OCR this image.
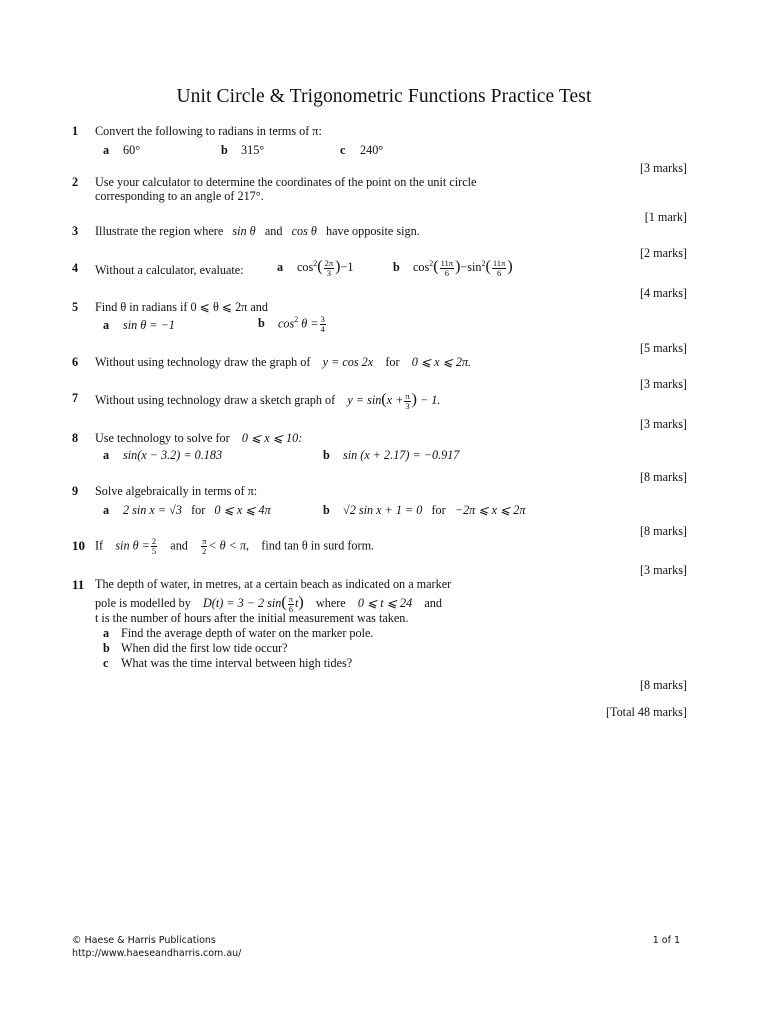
Unit Circle & Trigonometric Functions Practice Test
1 Convert the following to radians in terms of π:
a 60°	b 315°	c 240°
[3 marks]
2 Use your calculator to determine the coordinates of the point on the unit circle
corresponding to an angle of 217°.
[1 mark]
3 Illustrate the region where sin θ and cos θ have opposite sign.
[2 marks]
4 Without a calculator, evaluate:	a $\cos^2( \frac{2\pi}{3} )-1$	b $\cos^2( \frac{11\pi}{6} )-\sin^2( \frac{11\pi}{6}$ )
[4 marks]
5 Find θ in radians if 0 ⩽ θ ⩽ 2π and
a sin θ = −1	b $\cos^2 \theta = \frac{3}{4}$
[5 marks]
6 Without using technology draw the graph of y = cos 2x for 0 ⩽ x ⩽ 2π.
[3 marks]
7 Without using technology draw a sketch graph of $y = \sin(x + \frac{\pi}{3}$ ) − 1.
[3 marks]
8 Use technology to solve for 0 ⩽ x ⩽ 10:
a sin(x − 3.2) = 0.183	b sin (x + 2.17) = −0.917
[8 marks]
9 Solve algebraically in terms of π:
a 2 sin x = √3 for 0 ⩽ x ⩽ 4π	b √2 sin x + 1 = 0 for −2π ⩽ x ⩽ 2π
[8 marks]
10 If $\sin \theta = \frac{2}{5}$ and $\frac{\pi}{2} < \theta < \pi$, find tan θ in surd form.
[3 marks]
11 The depth of water, in metres, at a certain beach as indicated on a marker
pole is modelled by D(t) = 3 − 2 $\sin( \frac{\pi}{6} t)$ where 0 ⩽ t ⩽ 24 and
t is the number of hours after the initial measurement was taken.
a Find the average depth of water on the marker pole.
b When did the first low tide occur?
c What was the time interval between high tides?
[8 marks]
[Total 48 marks]
© Haese & Harris Publications
http://www.haeseandharris.com.au/
1 of 1
